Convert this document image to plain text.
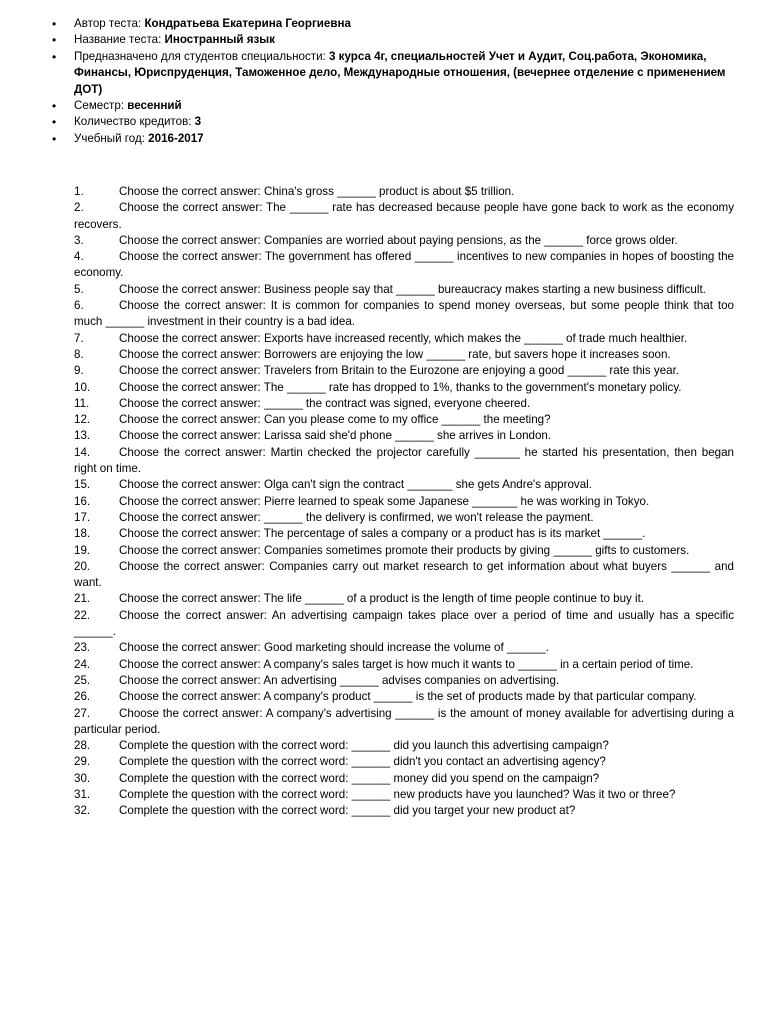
• Автор теста: Кондратьева Екатерина Георгиевна
• Название теста: Иностранный язык
• Предназначено для студентов специальности: 3 курса 4г, специальностей Учет и Аудит, Соц.работа, Экономика, Финансы, Юриспруденция, Таможенное дело, Международные отношения, (вечернее отделение с применением ДОТ)
• Семестр: весенний
• Количество кредитов: 3
• Учебный год: 2016-2017
1.	Choose the correct answer: China's gross ______ product is about $5 trillion.
2.	Choose the correct answer: The ______ rate has decreased because people have gone back to work as the economy recovers.
3.	Choose the correct answer: Companies are worried about paying pensions, as the ______ force grows older.
4.	Choose the correct answer: The government has offered ______ incentives to new companies in hopes of boosting the economy.
5.	Choose the correct answer: Business people say that ______ bureaucracy makes starting a new business difficult.
6.	Choose the correct answer: It is common for companies to spend money overseas, but some people think that too much ______ investment in their country is a bad idea.
7.	Choose the correct answer: Exports have increased recently, which makes the ______ of trade much healthier.
8.	Choose the correct answer: Borrowers are enjoying the low ______ rate, but savers hope it increases soon.
9.	Choose the correct answer: Travelers from Britain to the Eurozone are enjoying a good ______ rate this year.
10. Choose the correct answer: The ______ rate has dropped to 1%, thanks to the government's monetary policy.
11.	Choose the correct answer: ______ the contract was signed, everyone cheered.
12. Choose the correct answer: Can you please come to my office ______ the meeting?
13. Choose the correct answer: Larissa said she'd phone ______ she arrives in London.
14. Choose the correct answer: Martin checked the projector carefully _______ he started his presentation, then began right on time.
15. Choose the correct answer: Olga can't sign the contract _______ she gets Andre's approval.
16. Choose the correct answer: Pierre learned to speak some Japanese _______ he was working in Tokyo.
17. Choose the correct answer: ______ the delivery is confirmed, we won't release the payment.
18. Choose the correct answer: The percentage of sales a company or a product has is its market ______.
19. Choose the correct answer: Companies sometimes promote their products by giving ______ gifts to customers.
20. Choose the correct answer: Companies carry out market research to get information about what buyers ______ and want.
21. Choose the correct answer: The life ______ of a product is the length of time people continue to buy it.
22. Choose the correct answer: An advertising campaign takes place over a period of time and usually has a specific ______.
23. Choose the correct answer: Good marketing should increase the volume of ______.
24. Choose the correct answer: A company's sales target is how much it wants to ______ in a certain period of time.
25. Choose the correct answer: An advertising ______ advises companies on advertising.
26. Choose the correct answer: A company's product ______ is the set of products made by that particular company.
27. Choose the correct answer: A company's advertising ______ is the amount of money available for advertising during a particular period.
28. Complete the question with the correct word: ______ did you launch this advertising campaign?
29. Complete the question with the correct word: ______ didn't you contact an advertising agency?
30. Complete the question with the correct word: ______ money did you spend on the campaign?
31. Complete the question with the correct word: ______ new products have you launched? Was it two or three?
32. Complete the question with the correct word: ______ did you target your new product at?
